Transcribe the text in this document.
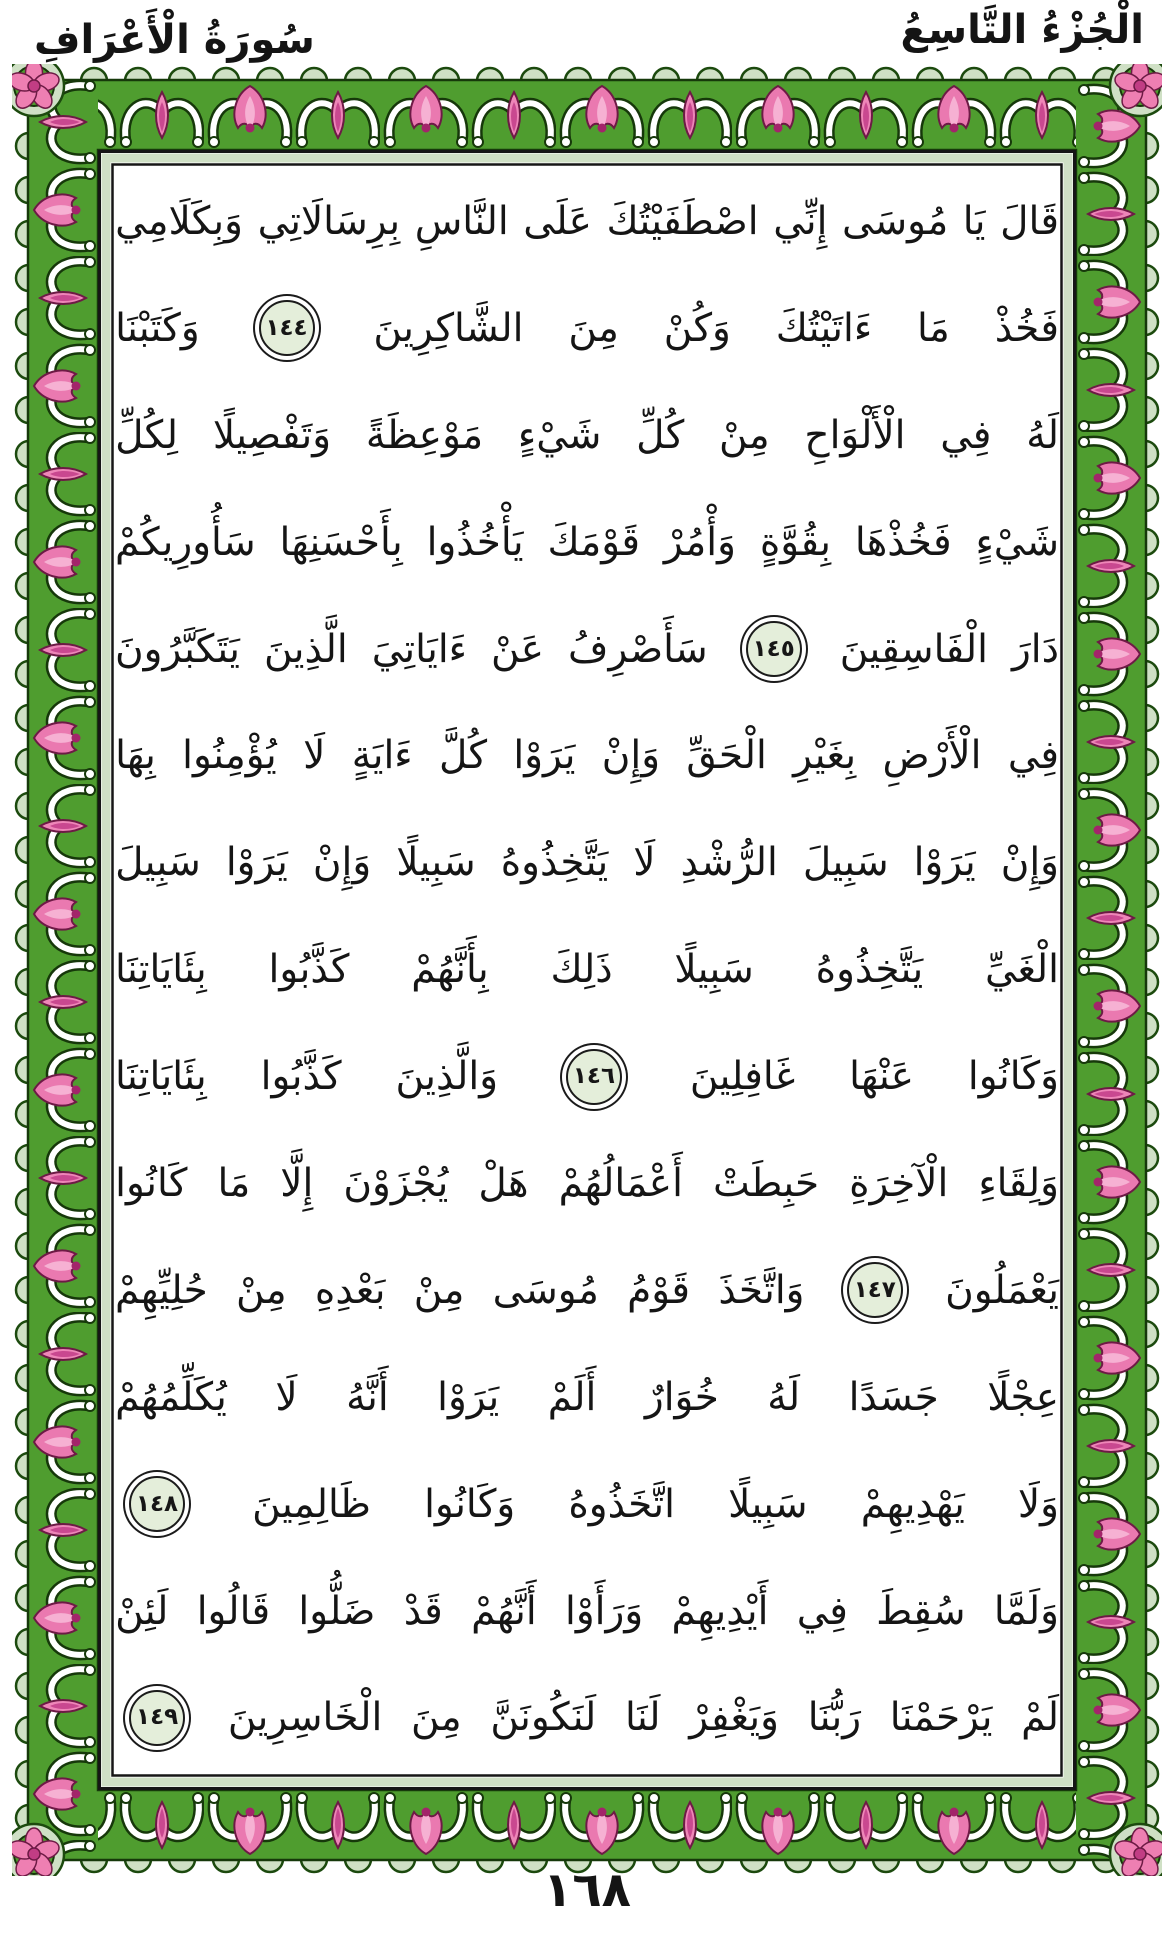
الْجُزْءُ التَّاسِعُ
سُورَةُ الْأَعْرَافِ
قَالَ
يَا
مُوسَى
إِنِّي
اصْطَفَيْتُكَ
عَلَى
النَّاسِ
بِرِسَالَاتِي
وَبِكَلَامِي
فَخُذْ
مَا
ءَاتَيْتُكَ
وَكُنْ
مِنَ
الشَّاكِرِينَ
١٤٤
وَكَتَبْنَا
لَهُ
فِي
الْأَلْوَاحِ
مِنْ
كُلِّ
شَيْءٍ
مَوْعِظَةً
وَتَفْصِيلًا
لِكُلِّ
شَيْءٍ
فَخُذْهَا
بِقُوَّةٍ
وَأْمُرْ
قَوْمَكَ
يَأْخُذُوا
بِأَحْسَنِهَا
سَأُورِيكُمْ
دَارَ
الْفَاسِقِينَ
١٤٥
سَأَصْرِفُ
عَنْ
ءَايَاتِيَ
الَّذِينَ
يَتَكَبَّرُونَ
فِي
الْأَرْضِ
بِغَيْرِ
الْحَقِّ
وَإِنْ
يَرَوْا
كُلَّ
ءَايَةٍ
لَا
يُؤْمِنُوا
بِهَا
وَإِنْ
يَرَوْا
سَبِيلَ
الرُّشْدِ
لَا
يَتَّخِذُوهُ
سَبِيلًا
وَإِنْ
يَرَوْا
سَبِيلَ
الْغَيِّ
يَتَّخِذُوهُ
سَبِيلًا
ذَلِكَ
بِأَنَّهُمْ
كَذَّبُوا
بِئَايَاتِنَا
وَكَانُوا
عَنْهَا
غَافِلِينَ
١٤٦
وَالَّذِينَ
كَذَّبُوا
بِئَايَاتِنَا
وَلِقَاءِ
الْآخِرَةِ
حَبِطَتْ
أَعْمَالُهُمْ
هَلْ
يُجْزَوْنَ
إِلَّا
مَا
كَانُوا
يَعْمَلُونَ
١٤٧
وَاتَّخَذَ
قَوْمُ
مُوسَى
مِنْ
بَعْدِهِ
مِنْ
حُلِيِّهِمْ
عِجْلًا
جَسَدًا
لَهُ
خُوَارٌ
أَلَمْ
يَرَوْا
أَنَّهُ
لَا
يُكَلِّمُهُمْ
وَلَا
يَهْدِيهِمْ
سَبِيلًا
اتَّخَذُوهُ
وَكَانُوا
ظَالِمِينَ
١٤٨
وَلَمَّا
سُقِطَ
فِي
أَيْدِيهِمْ
وَرَأَوْا
أَنَّهُمْ
قَدْ
ضَلُّوا
قَالُوا
لَئِنْ
لَمْ
يَرْحَمْنَا
رَبُّنَا
وَيَغْفِرْ
لَنَا
لَنَكُونَنَّ
مِنَ
الْخَاسِرِينَ
١٤٩
١٦٨
